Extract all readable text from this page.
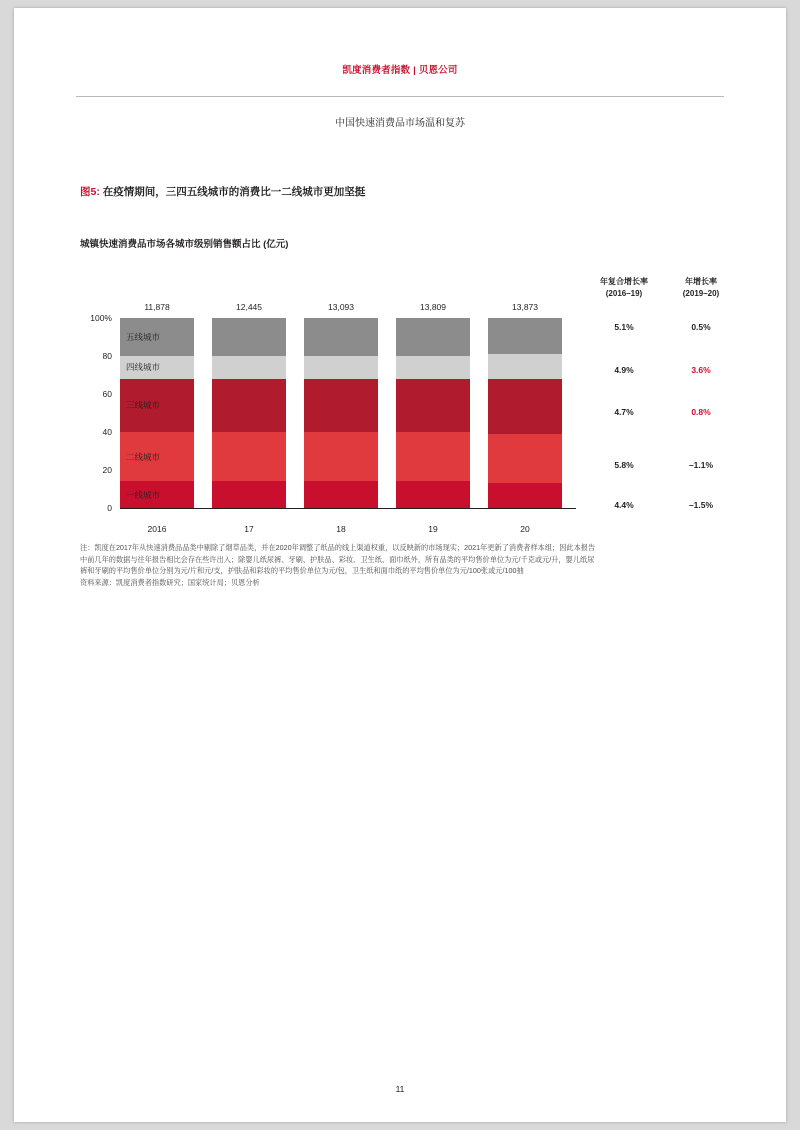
凯度消费者指数 | 贝恩公司
中国快速消费品市场温和复苏
图5: 在疫情期间，三四五线城市的消费比一二线城市更加坚挺
城镇快速消费品市场各城市级别销售额占比 (亿元)
年复合增长率
(2016–19)
年增长率
(2019–20)
100%
80
60
40
20
0
11,878
五线城市
四线城市
三线城市
二线城市
一线城市
2016
12,445
17
13,093
18
13,809
19
13,873
20
5.1%	0.5%
4.9%	3.6%
4.7%	0.8%
5.8%	–1.1%
4.4%	–1.5%

注：凯度在2017年从快速消费品品类中剔除了烟草品类，并在2020年调整了纸品的线上渠道权重，以反映新的市场现实；2021年更新了消费者样本组；因此本报告

中前几年的数据与往年报告相比会存在些许出入；除婴儿纸尿裤、牙刷、护肤品、彩妆、卫生纸、面巾纸外，所有品类的平均售价单位为元/千克或元/升，婴儿纸尿

裤和牙刷的平均售价单位分别为元/片和元/支，护肤品和彩妆的平均售价单位为元/包，卫生纸和面巾纸的平均售价单位为元/100张或元/100抽

资料来源：凯度消费者指数研究；国家统计局；贝恩分析

11
